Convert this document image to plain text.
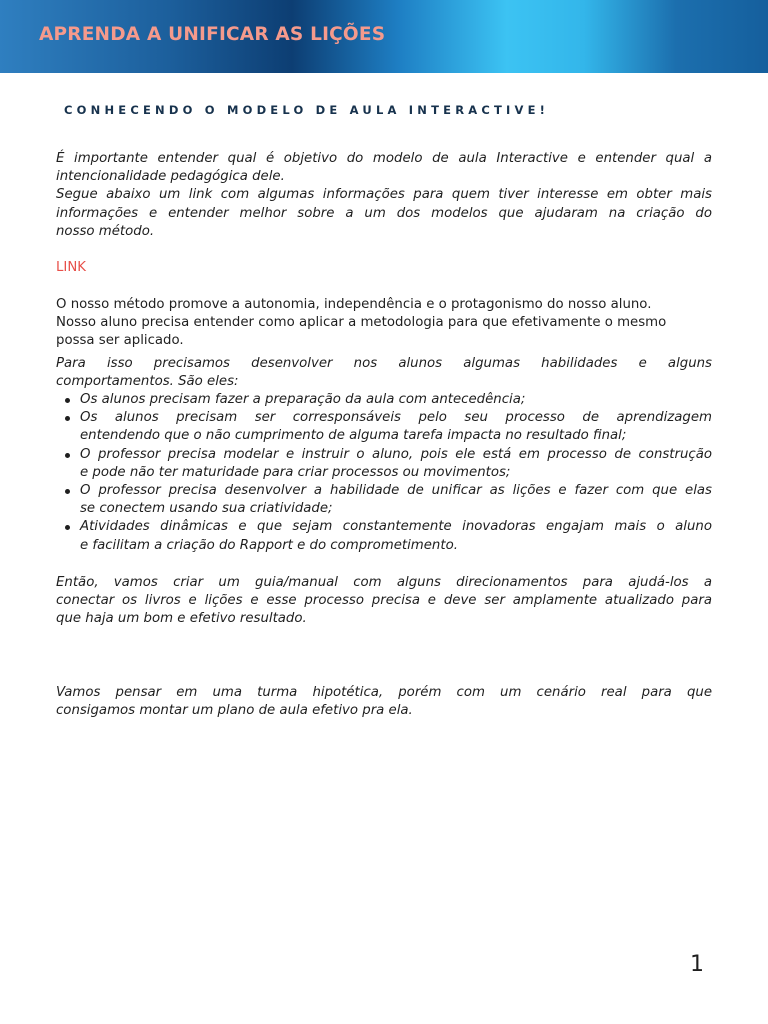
APRENDA A UNIFICAR AS LIÇÕES
CONHECENDO O MODELO DE AULA INTERACTIVE!
É importante entender qual é objetivo do modelo de aula Interactive e entender qual a
intencionalidade pedagógica dele.
Segue abaixo um link com algumas informações para quem tiver interesse em obter mais
informações e entender melhor sobre a um dos modelos que ajudaram na criação do
nosso método.
LINK
O nosso método promove a autonomia, independência e o protagonismo do nosso aluno.
Nosso aluno precisa entender como aplicar a metodologia para que efetivamente o mesmo
possa ser aplicado.
Para isso precisamos desenvolver nos alunos algumas habilidades e alguns
comportamentos. São eles:
Os alunos precisam fazer a preparação da aula com antecedência;
Os alunos precisam ser corresponsáveis pelo seu processo de aprendizagem
entendendo que o não cumprimento de alguma tarefa impacta no resultado final;
O professor precisa modelar e instruir o aluno, pois ele está em processo de construção
e pode não ter maturidade para criar processos ou movimentos;
O professor precisa desenvolver a habilidade de unificar as lições e fazer com que elas
se conectem usando sua criatividade;
Atividades dinâmicas e que sejam constantemente inovadoras engajam mais o aluno
e facilitam a criação do Rapport e do comprometimento.
Então, vamos criar um guia/manual com alguns direcionamentos para ajudá-los a
conectar os livros e lições e esse processo precisa e deve ser amplamente atualizado para
que haja um bom e efetivo resultado.
Vamos pensar em uma turma hipotética, porém com um cenário real para que
consigamos montar um plano de aula efetivo pra ela.
1
